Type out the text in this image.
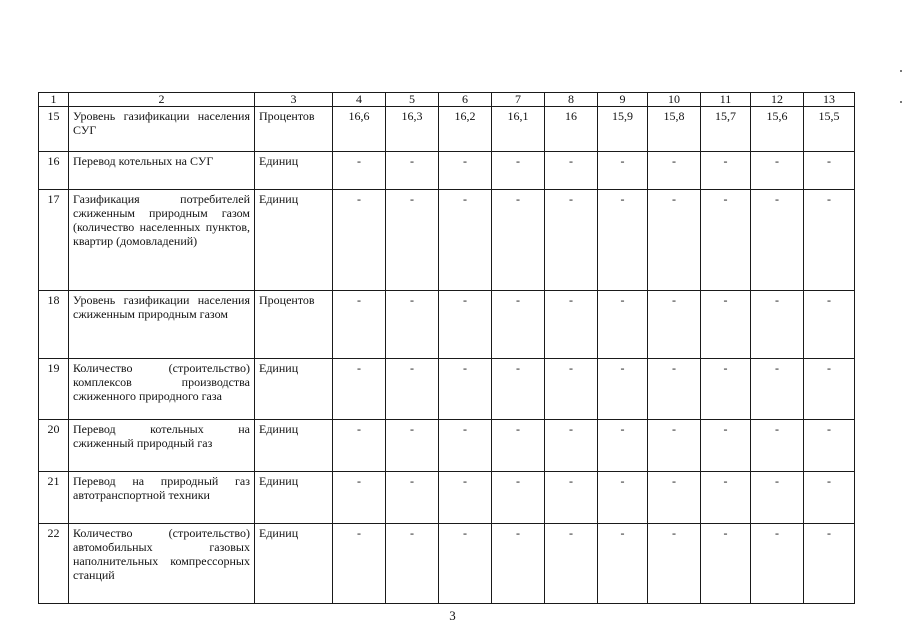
1	2	3	4	5	6	7	8	9	10	11	12	13
15	Уровень газификации населения СУГ	Процентов	16,6	16,3	16,2	16,1	16	15,9	15,8	15,7	15,6	15,5
16	Перевод котельных на СУГ	Единиц	-	-	-	-	-	-	-	-	-	-
17	Газификация потребителей сжиженным природным газом (количество населенных пунктов, квартир (домовладений)	Единиц	-	-	-	-	-	-	-	-	-	-
18	Уровень газификации населения сжиженным природным газом	Процентов	-	-	-	-	-	-	-	-	-	-
19	Количество (строительство) комплексов производства сжиженного природного газа	Единиц	-	-	-	-	-	-	-	-	-	-
20	Перевод котельных на сжиженный природный газ	Единиц	-	-	-	-	-	-	-	-	-	-
21	Перевод на природный газ автотранспортной техники	Единиц	-	-	-	-	-	-	-	-	-	-
22	Количество (строительство) автомобильных газовых наполнительных компрессорных станций	Единиц	-	-	-	-	-	-	-	-	-	-
3
